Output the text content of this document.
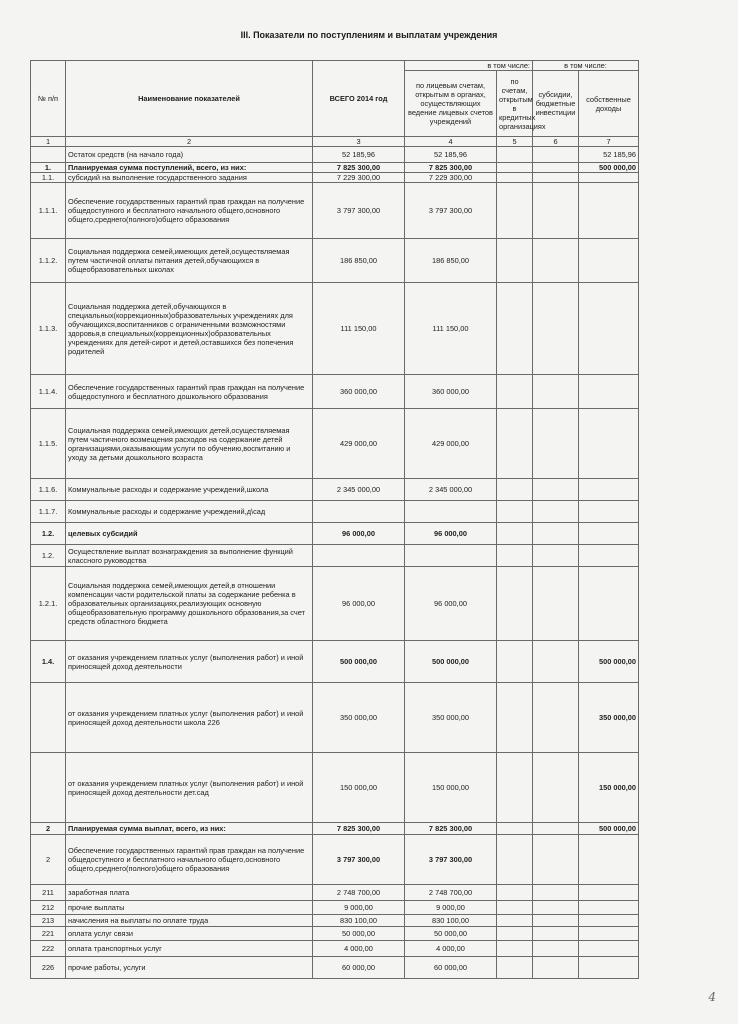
III. Показатели по поступлениям и выплатам учреждения
№ п/п	Наименование показателей	ВСЕГО 2014 год	в том числе:		в том числе:	
			по лицевым счетам, открытым в органах, осуществляющих ведение лицевых счетов учреждений	по счетам, открытым в кредитных организациях	субсидии, бюджетные инвестиции	собственные доходы
1	2	3	4	5	6	7
	Остаток средств (на начало года)	52 185,96	52 185,96			52 185,96
1.	Планируемая сумма поступлений, всего, из них:	7 825 300,00	7 825 300,00			500 000,00
1.1.	субсидий на выполнение государственного задания	7 229 300,00	7 229 300,00			
1.1.1.	Обеспечение государственных гарантий прав граждан на получение общедоступного и бесплатного начального общего,основного общего,среднего(полного)общего образования	3 797 300,00	3 797 300,00			
1.1.2.	Социальная поддержка семей,имеющих детей,осуществляемая путем частичной оплаты питания детей,обучающихся в общеобразовательных школах	186 850,00	186 850,00			
1.1.3.	Социальная поддержка детей,обучающихся в специальных(коррекционных)образовательных учреждениях для обучающихся,воспитанников с ограниченными возможностями здоровья,в специальных(коррекционных)образовательных учреждениях для детей-сирот и детей,оставшихся без попечения родителей	111 150,00	111 150,00			
1.1.4.	Обеспечение государственных гарантий прав граждан на получение общедоступного и бесплатного дошкольного образования	360 000,00	360 000,00			
1.1.5.	Социальная поддержка семей,имеющих детей,осуществляемая путем частичного возмещения расходов на содержание детей организациями,оказывающим услуги по обучению,воспитанию и уходу за детьми дошкольного возраста	429 000,00	429 000,00			
1.1.6.	Коммунальные расходы и содержание учреждений,школа	2 345 000,00	2 345 000,00			
1.1.7.	Коммунальные расходы и содержание учреждений,д\сад					
1.2.	целевых субсидий	96 000,00	96 000,00			
1.2.	Осуществление выплат вознаграждения за выполнение функций классного руководства					
1.2.1.	Социальная поддержка семей,имеющих детей,в отношении компенсации части родительской платы за содержание ребенка в образовательных организациях,реализующих основную общеобразовательную программу дошкольного образования,за счет средств областного бюджета	96 000,00	96 000,00			
1.4.	от оказания учреждением платных услуг (выполнения работ) и иной приносящей доход деятельности	500 000,00	500 000,00			500 000,00
	от оказания учреждением платных услуг (выполнения работ) и иной приносящей доход деятельности школа 226	350 000,00	350 000,00			350 000,00
	от оказания учреждением платных услуг (выполнения работ) и иной приносящей доход деятельности дет.сад	150 000,00	150 000,00			150 000,00
2	Планируемая сумма выплат, всего, из них:	7 825 300,00	7 825 300,00			500 000,00
2	Обеспечение государственных гарантий прав граждан на получение общедоступного и бесплатного начального общего,основного общего,среднего(полного)общего образования	3 797 300,00	3 797 300,00			
211	заработная плата	2 748 700,00	2 748 700,00			
212	прочие выплаты	9 000,00	9 000,00			
213	начисления на выплаты по оплате труда	830 100,00	830 100,00			
221	оплата услуг связи	50 000,00	50 000,00			
222	оплата транспортных услуг	4 000,00	4 000,00			
226	прочие работы, услуги	60 000,00	60 000,00			
4
